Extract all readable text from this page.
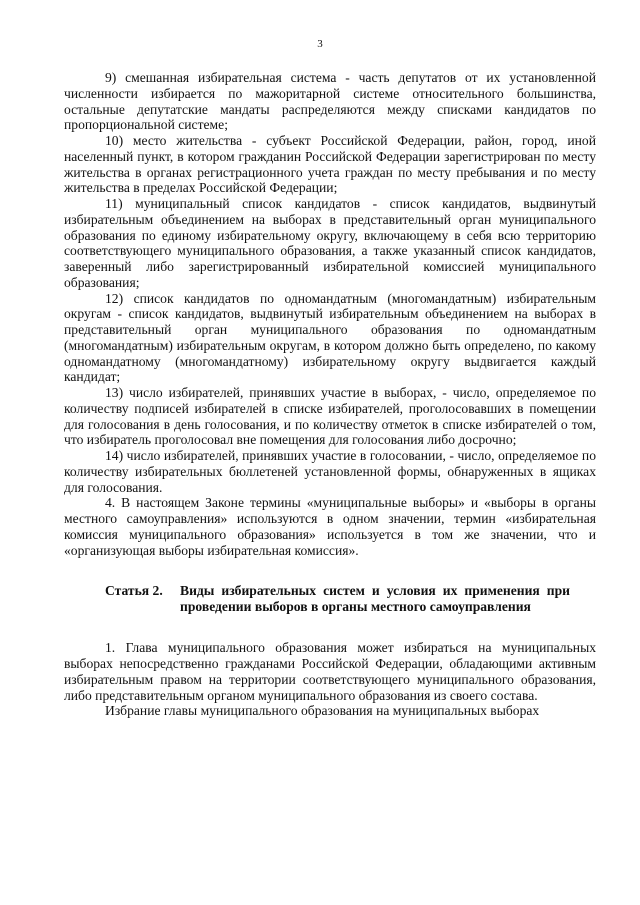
3

9) смешанная избирательная система - часть депутатов от их установленной численности избирается по мажоритарной системе относительного большинства, остальные депутатские мандаты распределяются между списками кандидатов по пропорциональной системе;

10) место жительства - субъект Российской Федерации, район, город, иной населенный пункт, в котором гражданин Российской Федерации зарегистрирован по месту жительства в органах регистрационного учета граждан по месту пребывания и по месту жительства в пределах Российской Федерации;

11) муниципальный список кандидатов - список кандидатов, выдвинутый избирательным объединением на выборах в представительный орган муниципального образования по единому избирательному округу, включающему в себя всю территорию соответствующего муниципального образования, а также указанный список кандидатов, заверенный либо зарегистрированный избирательной комиссией муниципального образования;

12) список кандидатов по одномандатным (многомандатным) избирательным округам - список кандидатов, выдвинутый избирательным объединением на выборах в представительный орган муниципального образования по одномандатным (многомандатным) избирательным округам, в котором должно быть определено, по какому одномандатному (многомандатному) избирательному округу выдвигается каждый кандидат;

13) число избирателей, принявших участие в выборах, - число, определяемое по количеству подписей избирателей в списке избирателей, проголосовавших в помещении для голосования в день голосования, и по количеству отметок в списке избирателей о том, что избиратель проголосовал вне помещения для голосования либо досрочно;

14) число избирателей, принявших участие в голосовании, - число, определяемое по количеству избирательных бюллетеней установленной формы, обнаруженных в ящиках для голосования.

4. В настоящем Законе термины «муниципальные выборы» и «выборы в органы местного самоуправления» используются в одном значении, термин «избирательная комиссия муниципального образования» используется в том же значении, что и «организующая выборы избирательная комиссия».

Статья 2.	Виды избирательных систем и условия их применения при проведении выборов в органы местного самоуправления

1. Глава муниципального образования может избираться на муниципальных выборах непосредственно гражданами Российской Федерации, обладающими активным избирательным правом на территории соответствующего муниципального образования, либо представительным органом муниципального образования из своего состава.

Избрание главы муниципального образования на муниципальных выборах
